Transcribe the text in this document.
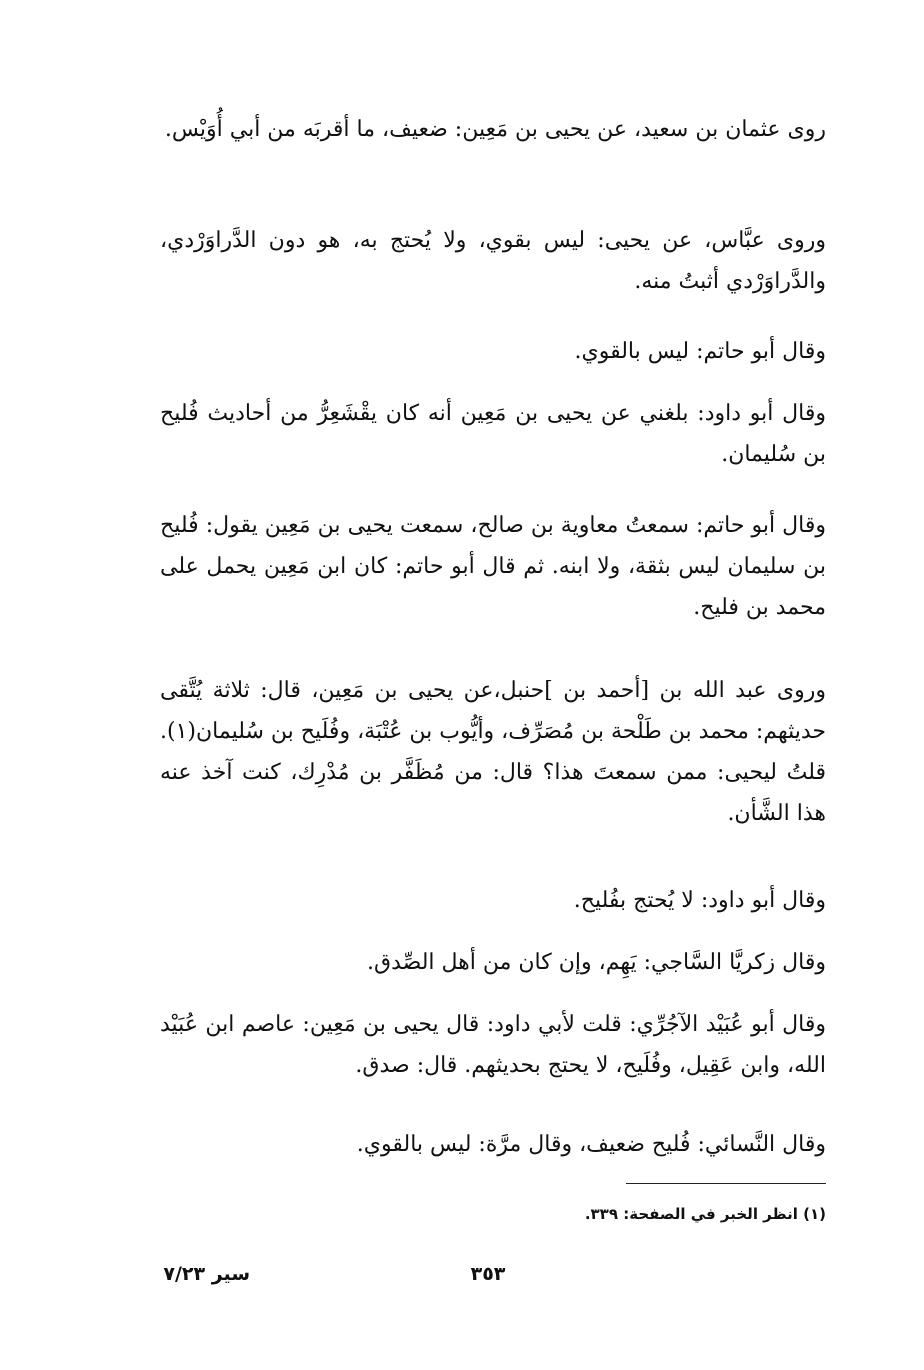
روى عثمان بن سعيد، عن يحيى بن مَعِين: ضعيف، ما أقربَه من أبي أُوَيْس.

وروى عبَّاس، عن يحيى: ليس بقوي، ولا يُحتج به، هو دون الدَّراوَرْدي، والدَّراوَرْدي أثبتُ منه.

وقال أبو حاتم: ليس بالقوي.

وقال أبو داود: بلغني عن يحيى بن مَعِين أنه كان يقْشَعِرُّ من أحاديث فُليح بن سُليمان.

وقال أبو حاتم: سمعتُ معاوية بن صالح، سمعت يحيى بن مَعِين يقول: فُليح بن سليمان ليس بثقة، ولا ابنه. ثم قال أبو حاتم: كان ابن مَعِين يحمل على محمد بن فليح.

وروى عبد الله بن [أحمد بن ]حنبل،عن يحيى بن مَعِين، قال: ثلاثة يُتَّقى حديثهم: محمد بن طَلْحة بن مُصَرِّف، وأيُّوب بن عُتْبَة، وفُلَيح بن سُليمان(١). قلتُ ليحيى: ممن سمعتَ هذا؟ قال: من مُظَفَّر بن مُدْرِك، كنت آخذ عنه هذا الشَّأن.

وقال أبو داود: لا يُحتج بفُليح.

وقال زكريَّا السَّاجي: يَهِم، وإن كان من أهل الصِّدق.

وقال أبو عُبَيْد الآجُرِّي: قلت لأبي داود: قال يحيى بن مَعِين: عاصم ابن عُبَيْد الله، وابن عَقِيل، وفُلَيح، لا يحتج بحديثهم. قال: صدق.

وقال النَّسائي: فُليح ضعيف، وقال مرَّة: ليس بالقوي.

(١) انظر الخبر في الصفحة: ٣٣٩.
٣٥٣
سير ٧/٢٣
